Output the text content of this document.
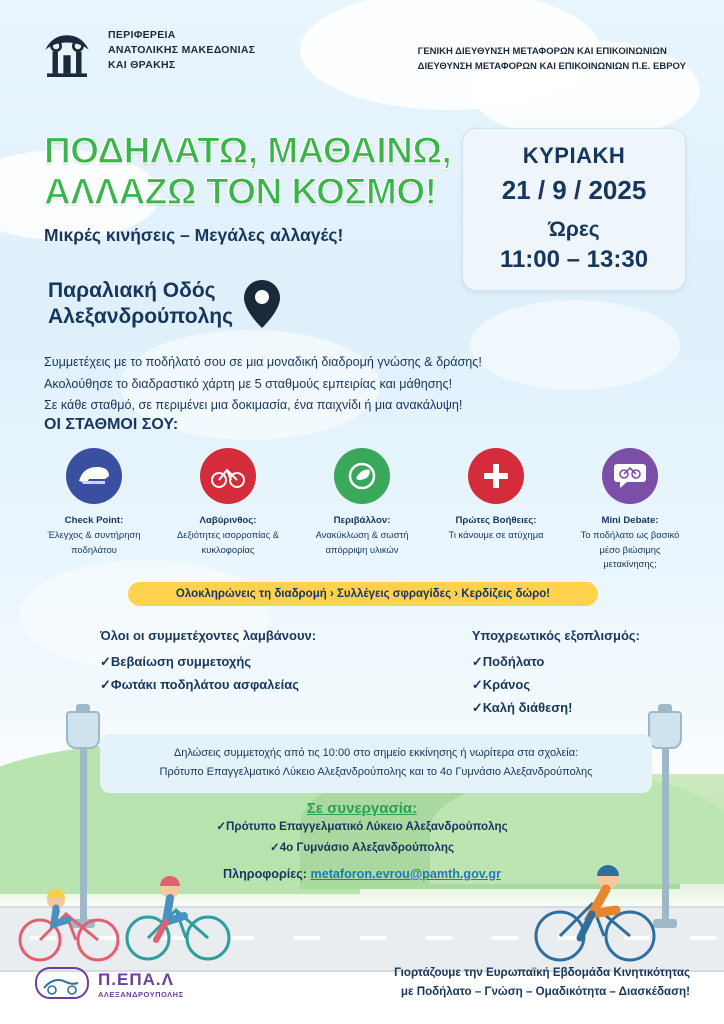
ΠΕΡΙΦΕΡΕΙΑ
ΑΝΑΤΟΛΙΚΗΣ ΜΑΚΕΔΟΝΙΑΣ
ΚΑΙ ΘΡΑΚΗΣ
ΓΕΝΙΚΗ ΔΙΕΥΘΥΝΣΗ ΜΕΤΑΦΟΡΩΝ ΚΑΙ ΕΠΙΚΟΙΝΩΝΙΩΝ
ΔΙΕΥΘΥΝΣΗ ΜΕΤΑΦΟΡΩΝ ΚΑΙ ΕΠΙΚΟΙΝΩΝΙΩΝ Π.Ε. ΕΒΡΟΥ
ΠΟΔΗΛΑΤΩ, ΜΑΘΑΙΝΩ,
ΑΛΛΑΖΩ ΤΟΝ ΚΟΣΜΟ!
Μικρές κινήσεις – Μεγάλες αλλαγές!
Παραλιακή Οδός
Αλεξανδρούπολης
ΚΥΡΙΑΚΗ
21 / 9 / 2025
Ώρες
11:00 – 13:30
Συμμετέχεις με το ποδήλατό σου σε μια μοναδική διαδρομή γνώσης & δράσης!
Ακολούθησε το διαδραστικό χάρτη με 5 σταθμούς εμπειρίας και μάθησης!
Σε κάθε σταθμό, σε περιμένει μια δοκιμασία, ένα παιχνίδι ή μια ανακάλυψη!
ΟΙ ΣΤΑΘΜΟΙ ΣΟΥ:
Check Point:
Έλεγχος & συντήρηση
ποδηλάτου
Λαβύρινθος:
Δεξιότητες ισορροπίας &
κυκλοφορίας
Περιβάλλον:
Ανακύκλωση & σωστή
απόρριψη υλικών
Πρώτες Βοήθειες:
Τι κάνουμε σε ατύχημα
Mini Debate:
Το ποδήλατο ως βασικό
μέσο βιώσιμης
μετακίνησης;
Ολοκληρώνεις τη διαδρομή › Συλλέγεις σφραγίδες › Κερδίζεις δώρο!
Όλοι οι συμμετέχοντες λαμβάνουν:
✓Βεβαίωση συμμετοχής
✓Φωτάκι ποδηλάτου ασφαλείας
Υποχρεωτικός εξοπλισμός:
✓Ποδήλατο
✓Κράνος
✓Καλή διάθεση!
Δηλώσεις συμμετοχής από τις 10:00 στο σημείο εκκίνησης ή νωρίτερα στα σχολεία:
Πρότυπο Επαγγελματικό Λύκειο Αλεξανδρούπολης και το 4ο Γυμνάσιο Αλεξανδρούπολης
Σε συνεργασία:
✓Πρότυπο Επαγγελματικό Λύκειο Αλεξανδρούπολης
✓4ο Γυμνάσιο Αλεξανδρούπολης
Πληροφορίες: metaforon.evrou@pamth.gov.gr
Π.ΕΠΑ.Λ
ΑΛΕΞΑΝΔΡΟΥΠΟΛΗΣ
Γιορτάζουμε την Ευρωπαϊκή Εβδομάδα Κινητικότητας
με Ποδήλατο – Γνώση – Ομαδικότητα – Διασκέδαση!
